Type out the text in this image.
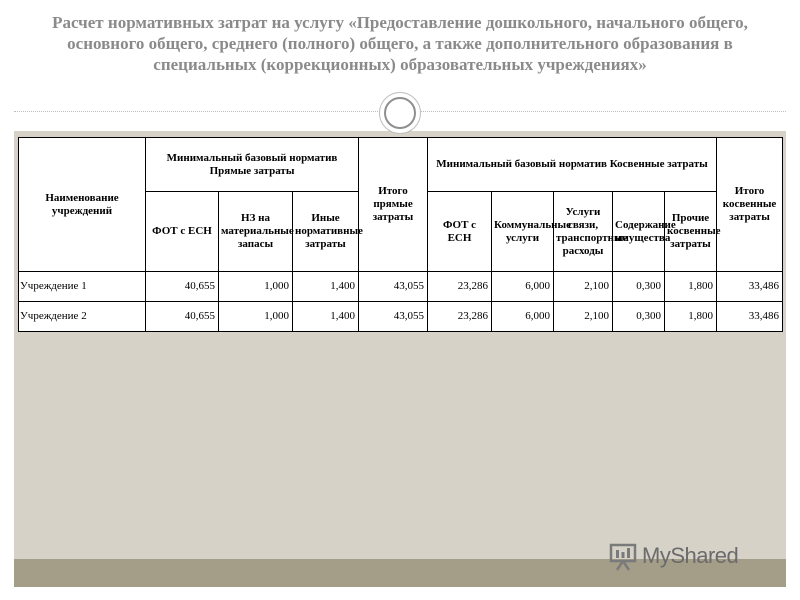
Расчет нормативных затрат на услугу «Предоставление дошкольного, начального общего, основного общего, среднего (полного) общего, а также дополнительного образования в специальных (коррекционных) образовательных учреждениях»
Наименование учреждений	Минимальный базовый норматив Прямые затраты			Итого прямые затраты	Минимальный базовый норматив Косвенные затраты					Итого косвенные затраты
	ФОТ с ЕСН	НЗ на материальные запасы	Иные нормативные затраты		ФОТ с ЕСН	Коммунальные услуги	Услуги связи, транспортные расходы	Содержание имущества	Прочие косвенные затраты	
Учреждение 1	40,655	1,000	1,400	43,055	23,286	6,000	2,100	0,300	1,800	33,486
Учреждение 2	40,655	1,000	1,400	43,055	23,286	6,000	2,100	0,300	1,800	33,486
MyShared
